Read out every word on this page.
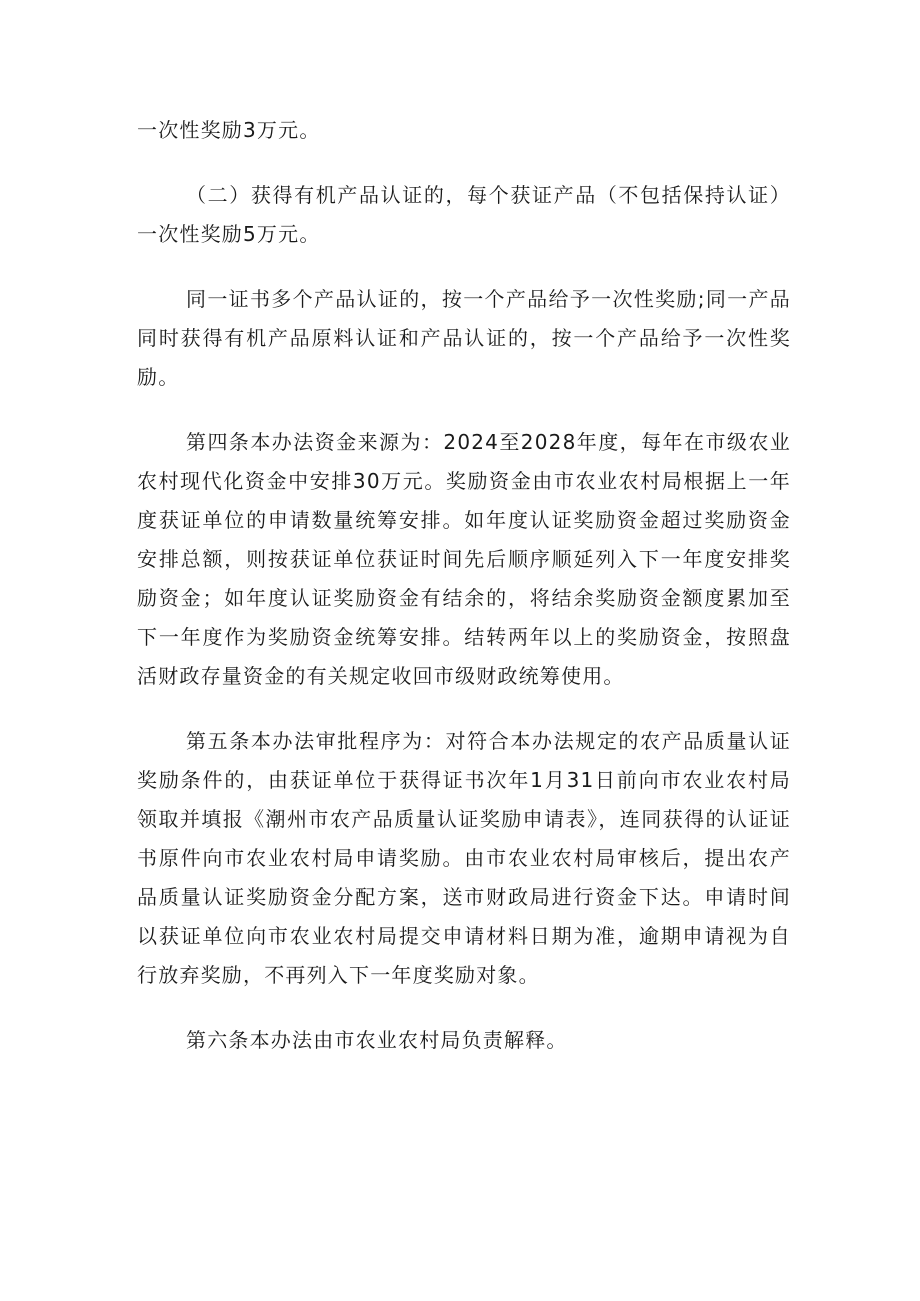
一次性奖励3万元。

（二）获得有机产品认证的，每个获证产品（不包括保持认证）一次性奖励5万元。

同一证书多个产品认证的，按一个产品给予一次性奖励;同一产品同时获得有机产品原料认证和产品认证的，按一个产品给予一次性奖励。

第四条本办法资金来源为：2024至2028年度，每年在市级农业农村现代化资金中安排30万元。奖励资金由市农业农村局根据上一年度获证单位的申请数量统筹安排。如年度认证奖励资金超过奖励资金安排总额，则按获证单位获证时间先后顺序顺延列入下一年度安排奖励资金；如年度认证奖励资金有结余的，将结余奖励资金额度累加至下一年度作为奖励资金统筹安排。结转两年以上的奖励资金，按照盘活财政存量资金的有关规定收回市级财政统筹使用。

第五条本办法审批程序为：对符合本办法规定的农产品质量认证奖励条件的，由获证单位于获得证书次年1月31日前向市农业农村局领取并填报《潮州市农产品质量认证奖励申请表》，连同获得的认证证书原件向市农业农村局申请奖励。由市农业农村局审核后，提出农产品质量认证奖励资金分配方案，送市财政局进行资金下达。申请时间以获证单位向市农业农村局提交申请材料日期为准，逾期申请视为自行放弃奖励，不再列入下一年度奖励对象。

第六条本办法由市农业农村局负责解释。
